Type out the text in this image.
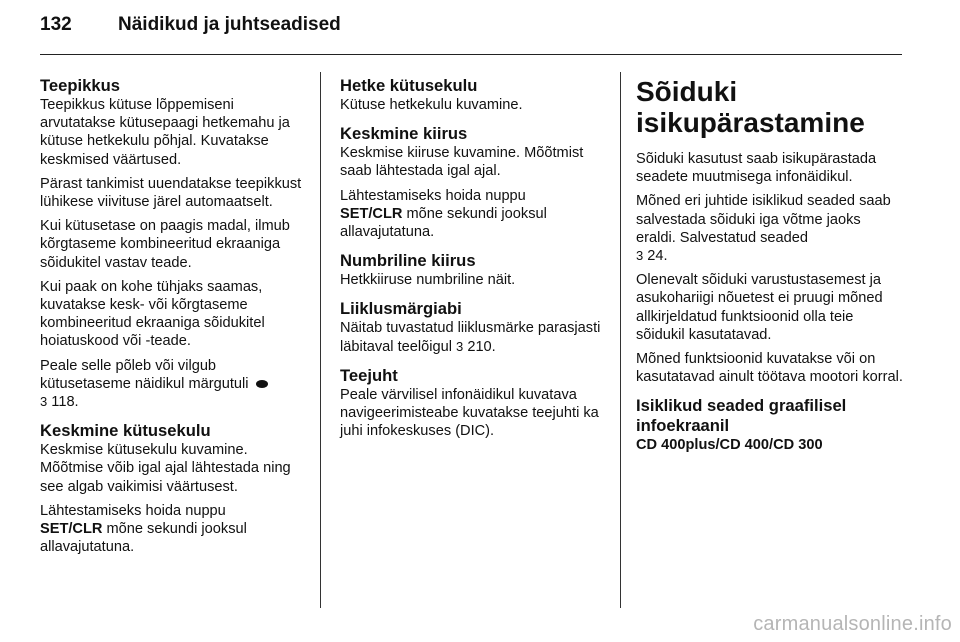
132	Näidikud ja juhtseadised
Teepikkus

Teepikkus kütuse lõppemiseni arvutatakse kütusepaagi hetkemahu ja kütuse hetkekulu põhjal. Kuvatakse keskmised väärtused.

Pärast tankimist uuendatakse teepikkust lühikese viivituse järel automaatselt.

Kui kütusetase on paagis madal, ilmub kõrgtaseme kombineeritud ekraaniga sõidukitel vastav teade.

Kui paak on kohe tühjaks saamas, kuvatakse kesk- või kõrgtaseme kombineeritud ekraaniga sõidukitel hoiatuskood või -teade.

Peale selle põleb või vilgub kütusetaseme näidikul märgutuli
3 118.

Keskmine kütusekulu

Keskmise kütusekulu kuvamine. Mõõtmise võib igal ajal lähtestada ning see algab vaikimisi väärtusest.

Lähtestamiseks hoida nuppu
SET/CLR mõne sekundi jooksul allavajutatuna.

Hetke kütusekulu

Kütuse hetkekulu kuvamine.

Keskmine kiirus

Keskmise kiiruse kuvamine. Mõõtmist saab lähtestada igal ajal.

Lähtestamiseks hoida nuppu
SET/CLR mõne sekundi jooksul allavajutatuna.

Numbriline kiirus

Hetkkiiruse numbriline näit.

Liiklusmärgiabi

Näitab tuvastatud liiklusmärke parasjasti läbitaval teelõigul 3 210.

Teejuht

Peale värvilisel infonäidikul kuvatava navigeerimisteabe kuvatakse teejuhti ka juhi infokeskuses (DIC).

Sõiduki isikupärastamine

Sõiduki kasutust saab isikupärastada seadete muutmisega infonäidikul.

Mõned eri juhtide isiklikud seaded saab salvestada sõiduki iga võtme jaoks eraldi. Salvestatud seaded
3 24.

Olenevalt sõiduki varustustasemest ja asukohariigi nõuetest ei pruugi mõned allkirjeldatud funktsioonid olla teie sõidukil kasutatavad.

Mõned funktsioonid kuvatakse või on kasutatavad ainult töötava mootori korral.

Isiklikud seaded graafilisel infoekraanil
CD 400plus/CD 400/CD 300
carmanualsonline.info
